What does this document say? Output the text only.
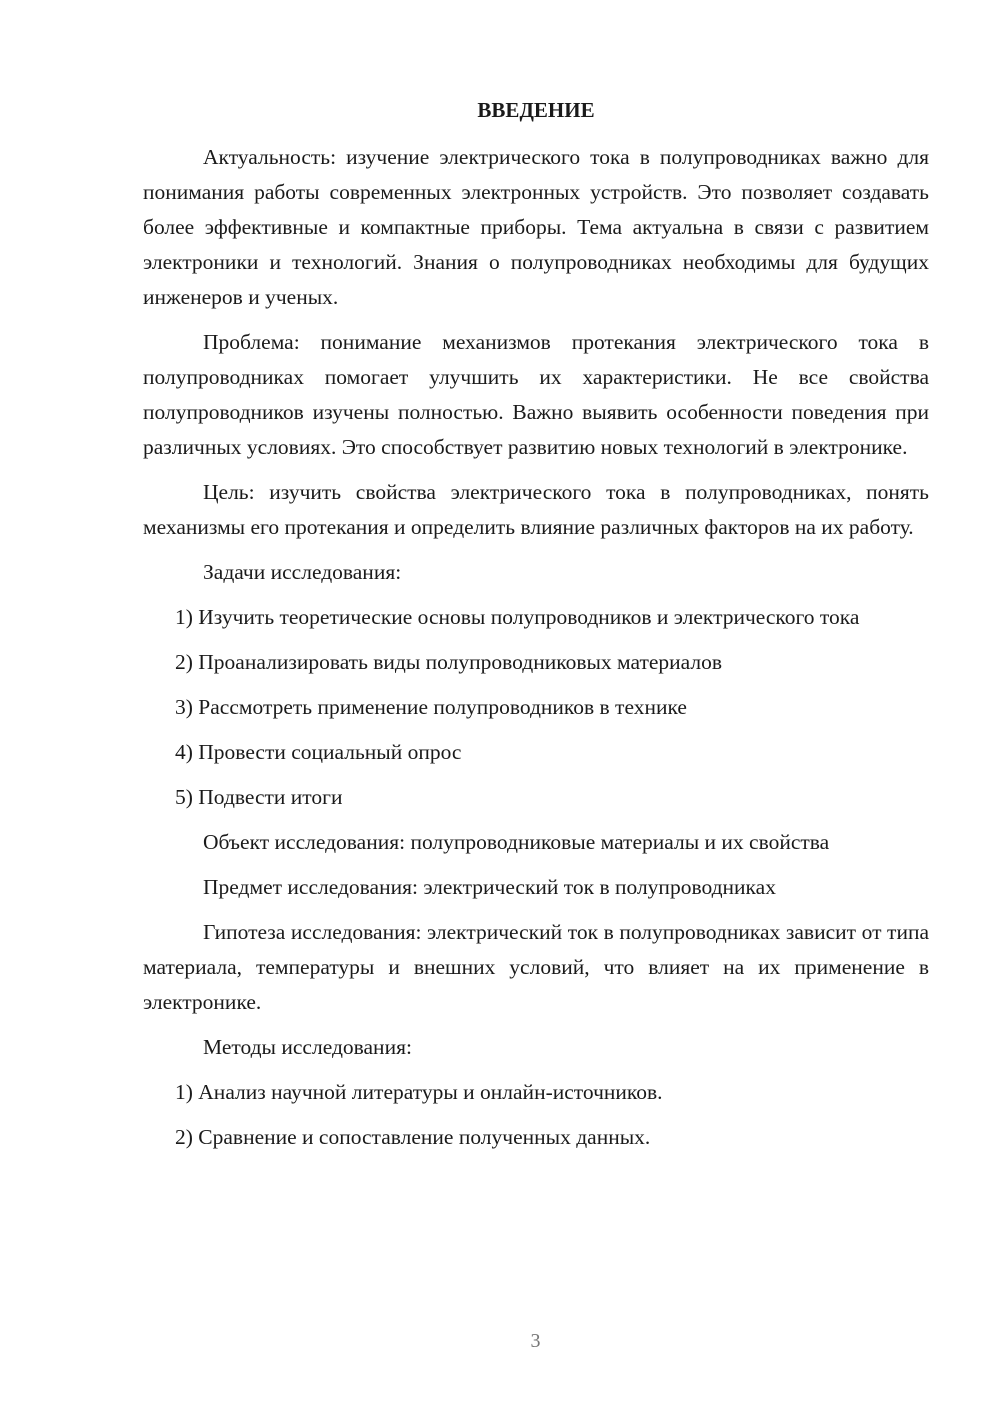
ВВЕДЕНИЕ

Актуальность: изучение электрического тока в полупроводниках важно для понимания работы современных электронных устройств. Это позволяет создавать более эффективные и компактные приборы. Тема актуальна в связи с развитием электроники и технологий. Знания о полупроводниках необходимы для будущих инженеров и ученых.

Проблема: понимание механизмов протекания электрического тока в полупроводниках помогает улучшить их характеристики. Не все свойства полупроводников изучены полностью. Важно выявить особенности поведения при различных условиях. Это способствует развитию новых технологий в электронике.

Цель: изучить свойства электрического тока в полупроводниках, понять механизмы его протекания и определить влияние различных факторов на их работу.

Задачи исследования:

1) Изучить теоретические основы полупроводников и электрического тока

2) Проанализировать виды полупроводниковых материалов

3) Рассмотреть применение полупроводников в технике

4) Провести социальный опрос

5) Подвести итоги

Объект исследования: полупроводниковые материалы и их свойства

Предмет исследования: электрический ток в полупроводниках

Гипотеза исследования: электрический ток в полупроводниках зависит от типа материала, температуры и внешних условий, что влияет на их применение в электронике.

Методы исследования:

1) Анализ научной литературы и онлайн-источников.

2) Сравнение и сопоставление полученных данных.

3
